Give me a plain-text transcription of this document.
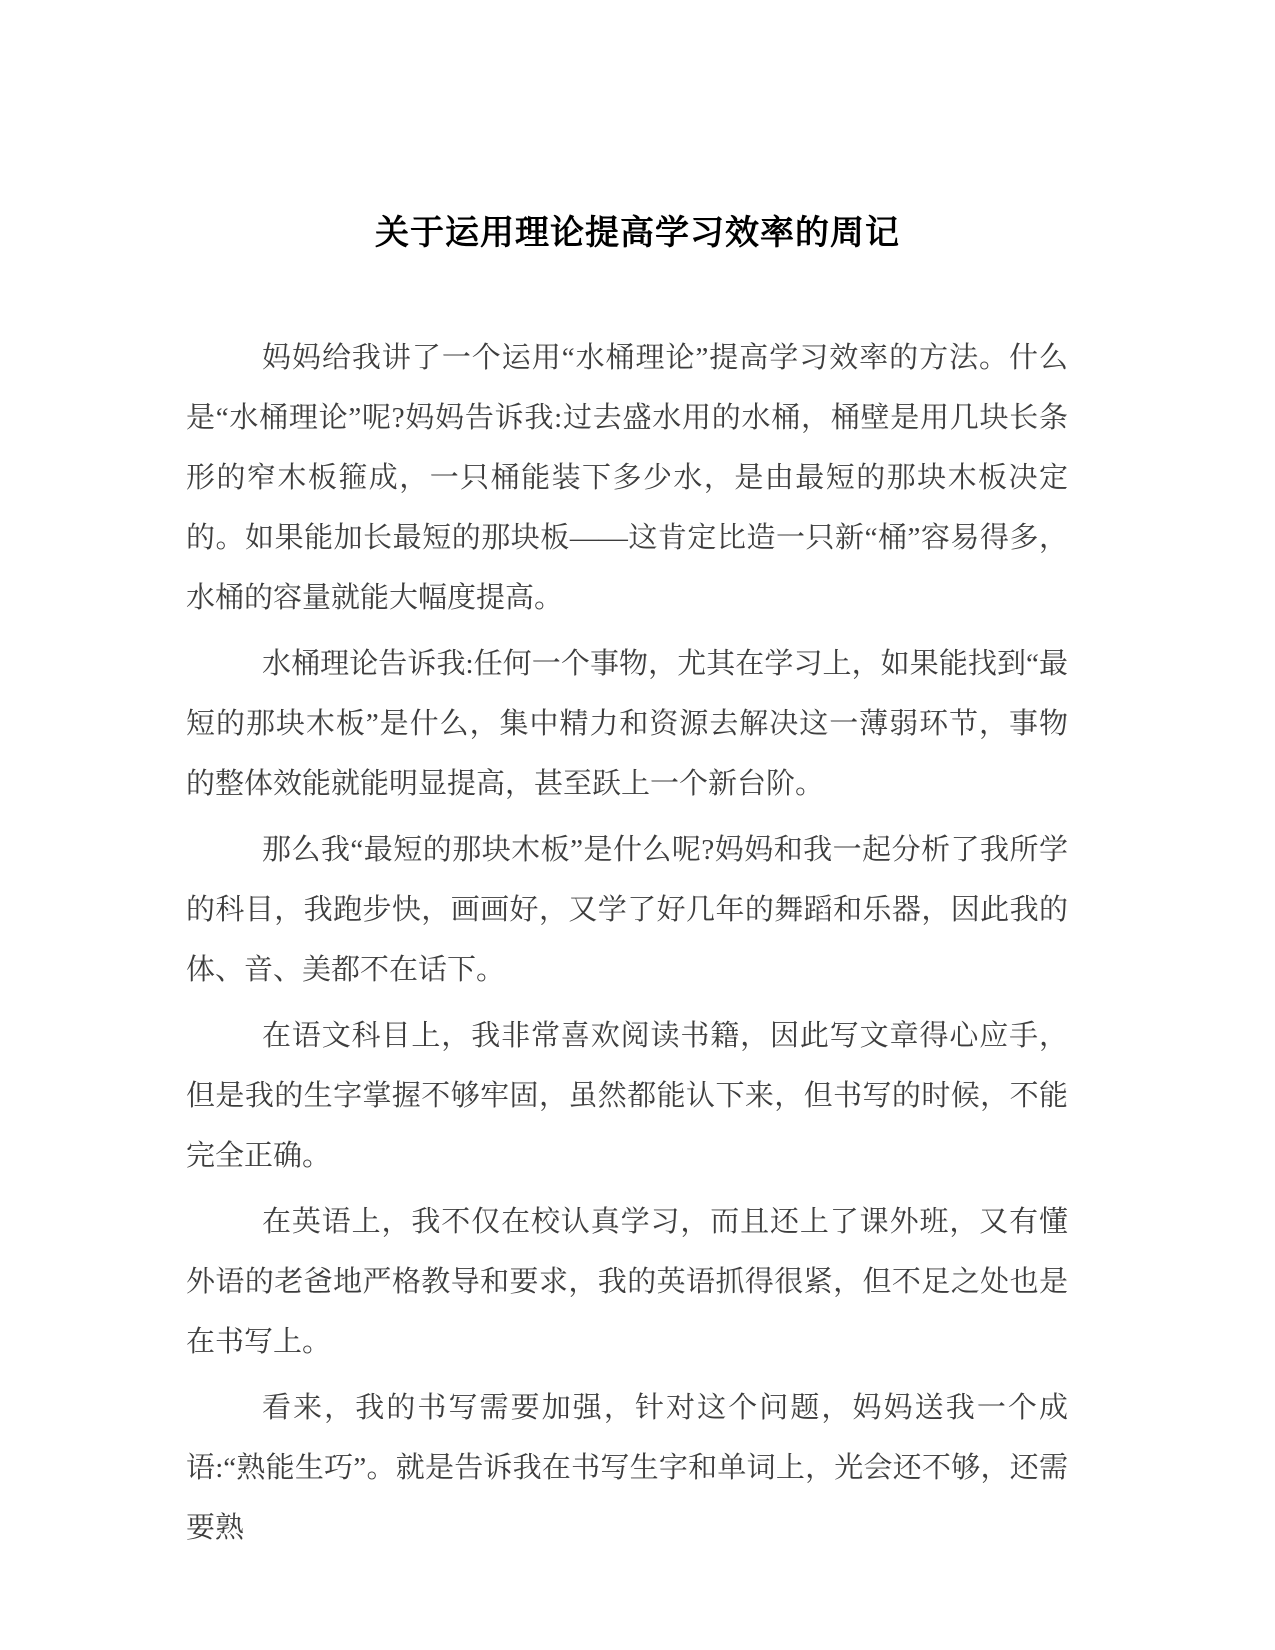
关于运用理论提高学习效率的周记

妈妈给我讲了一个运用“水桶理论”提高学习效率的方法。什么是“水桶理论”呢?妈妈告诉我:过去盛水用的水桶，桶壁是用几块长条形的窄木板箍成，一只桶能装下多少水，是由最短的那块木板决定的。如果能加长最短的那块板——这肯定比造一只新“桶”容易得多，水桶的容量就能大幅度提高。

水桶理论告诉我:任何一个事物，尤其在学习上，如果能找到“最短的那块木板”是什么，集中精力和资源去解决这一薄弱环节，事物的整体效能就能明显提高，甚至跃上一个新台阶。

那么我“最短的那块木板”是什么呢?妈妈和我一起分析了我所学的科目，我跑步快，画画好，又学了好几年的舞蹈和乐器，因此我的体、音、美都不在话下。

在语文科目上，我非常喜欢阅读书籍，因此写文章得心应手，但是我的生字掌握不够牢固，虽然都能认下来，但书写的时候，不能完全正确。

在英语上，我不仅在校认真学习，而且还上了课外班，又有懂外语的老爸地严格教导和要求，我的英语抓得很紧，但不足之处也是在书写上。

看来，我的书写需要加强，针对这个问题，妈妈送我一个成语:“熟能生巧”。就是告诉我在书写生字和单词上，光会还不够，还需要熟
